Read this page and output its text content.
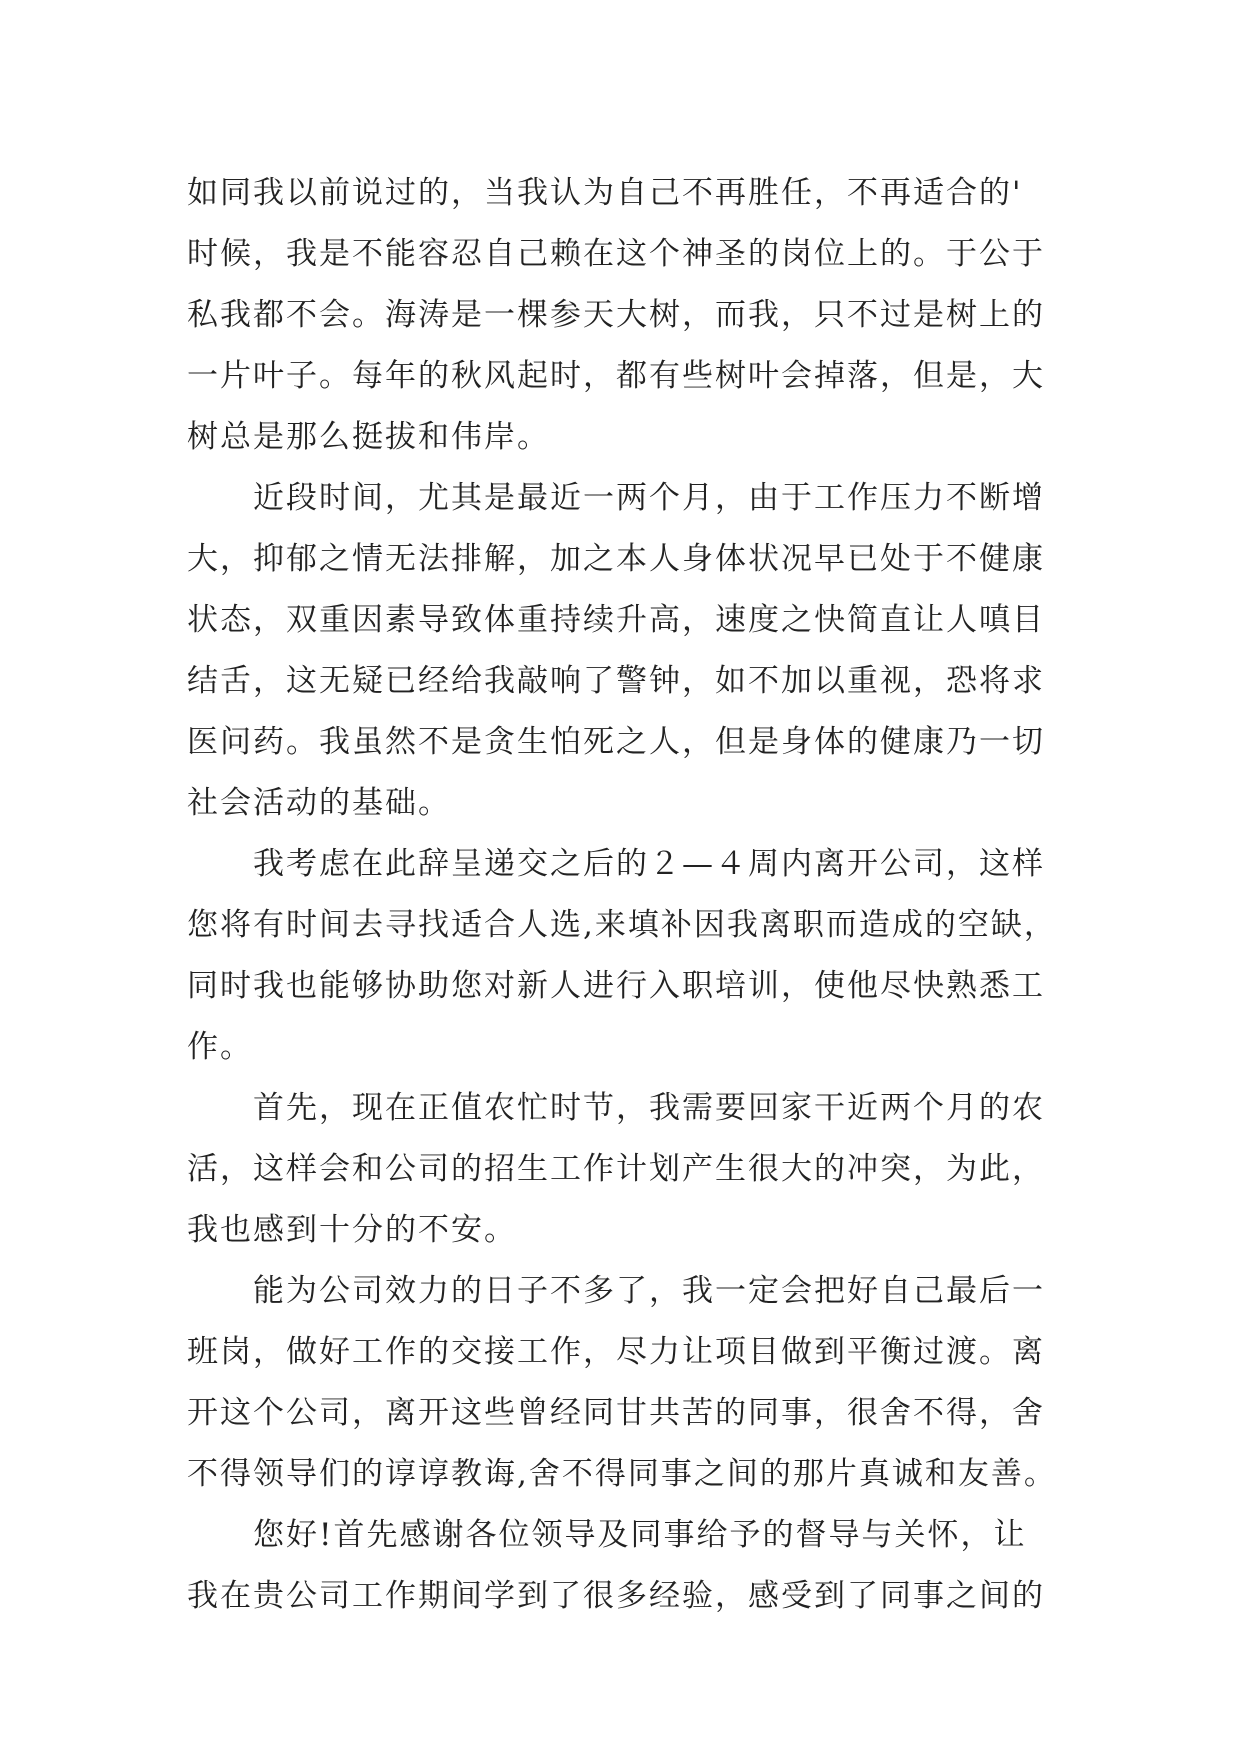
如同我以前说过的，当我认为自己不再胜任，不再适合的'
时候，我是不能容忍自己赖在这个神圣的岗位上的。于公于
私我都不会。海涛是一棵参天大树，而我，只不过是树上的
一片叶子。每年的秋风起时，都有些树叶会掉落，但是，大
树总是那么挺拔和伟岸。

近段时间，尤其是最近一两个月，由于工作压力不断增
大，抑郁之情无法排解，加之本人身体状况早已处于不健康
状态，双重因素导致体重持续升高，速度之快简直让人嗔目
结舌，这无疑已经给我敲响了警钟，如不加以重视，恐将求
医问药。我虽然不是贪生怕死之人，但是身体的健康乃一切
社会活动的基础。

我考虑在此辞呈递交之后的２—４周内离开公司，这样
您将有时间去寻找适合人选,来填补因我离职而造成的空缺，
同时我也能够协助您对新人进行入职培训，使他尽快熟悉工
作。

首先，现在正值农忙时节，我需要回家干近两个月的农
活，这样会和公司的招生工作计划产生很大的冲突，为此，
我也感到十分的不安。

能为公司效力的日子不多了，我一定会把好自己最后一
班岗，做好工作的交接工作，尽力让项目做到平衡过渡。离
开这个公司，离开这些曾经同甘共苦的同事，很舍不得，舍
不得领导们的谆谆教诲,舍不得同事之间的那片真诚和友善。

您好!首先感谢各位领导及同事给予的督导与关怀，让
我在贵公司工作期间学到了很多经验，感受到了同事之间的
